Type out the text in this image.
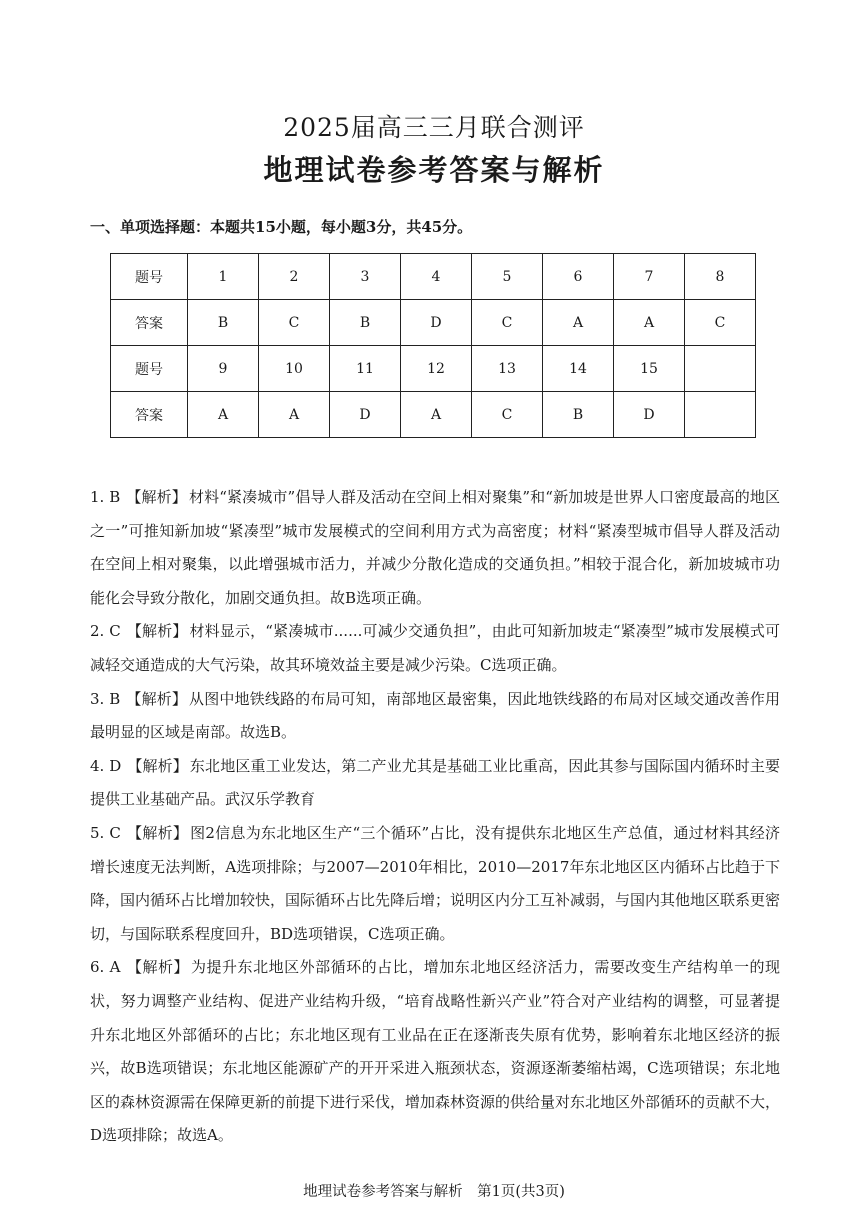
2025届高三三月联合测评
地理试卷参考答案与解析
一、单项选择题：本题共15小题，每小题3分，共45分。
题号	1	2	3	4	5	6	7	8
答案	B	C	B	D	C	A	A	C
题号	9	10	11	12	13	14	15	
答案	A	A	D	A	C	B	D	
1. B 【解析】 材料“紧凑城市”倡导人群及活动在空间上相对聚集”和“新加坡是世界人口密度最高的地区之一”可推知新加坡“紧凑型”城市发展模式的空间利用方式为高密度；材料“紧凑型城市倡导人群及活动在空间上相对聚集，以此增强城市活力，并减少分散化造成的交通负担。”相较于混合化，新加坡城市功能化会导致分散化，加剧交通负担。故B选项正确。
2. C 【解析】 材料显示，“紧凑城市......可减少交通负担”，由此可知新加坡走“紧凑型”城市发展模式可减轻交通造成的大气污染，故其环境效益主要是减少污染。C选项正确。
3. B 【解析】 从图中地铁线路的布局可知，南部地区最密集，因此地铁线路的布局对区域交通改善作用最明显的区域是南部。故选B。
4. D 【解析】 东北地区重工业发达，第二产业尤其是基础工业比重高，因此其参与国际国内循环时主要提供工业基础产品。武汉乐学教育
5. C 【解析】 图2信息为东北地区生产“三个循环”占比，没有提供东北地区生产总值，通过材料其经济增长速度无法判断，A选项排除；与2007—2010年相比，2010—2017年东北地区区内循环占比趋于下降，国内循环占比增加较快，国际循环占比先降后增；说明区内分工互补减弱，与国内其他地区联系更密切，与国际联系程度回升，BD选项错误，C选项正确。
6. A 【解析】 为提升东北地区外部循环的占比，增加东北地区经济活力，需要改变生产结构单一的现状，努力调整产业结构、促进产业结构升级，“培育战略性新兴产业”符合对产业结构的调整，可显著提升东北地区外部循环的占比；东北地区现有工业品在正在逐渐丧失原有优势，影响着东北地区经济的振兴，故B选项错误；东北地区能源矿产的开开采进入瓶颈状态，资源逐渐萎缩枯竭，C选项错误；东北地区的森林资源需在保障更新的前提下进行采伐，增加森林资源的供给量对东北地区外部循环的贡献不大，D选项排除；故选A。
地理试卷参考答案与解析　第1页(共3页)
